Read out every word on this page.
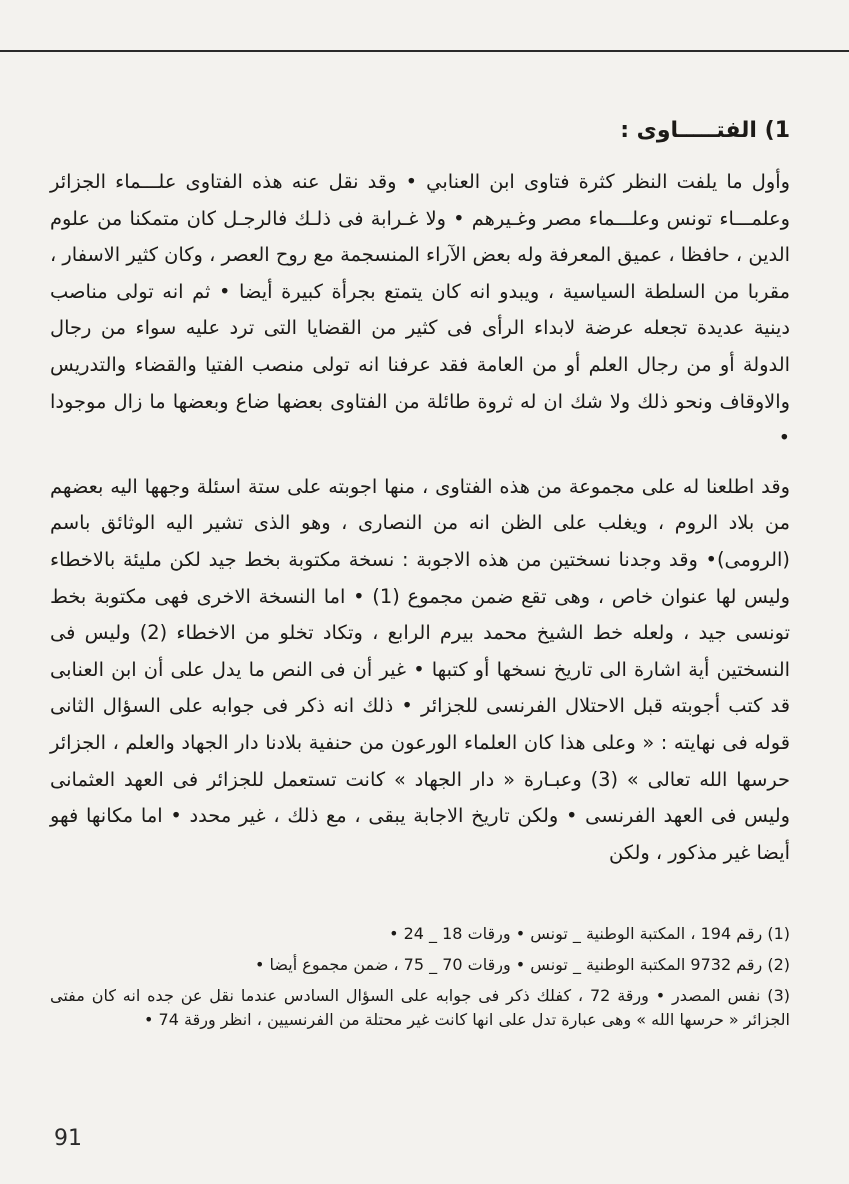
1) الفتـــــاوى :

وأول ما يلفت النظر كثرة فتاوى ابن العنابي • وقد نقل عنه هذه الفتاوى علـــماء الجزائر وعلمـــاء تونس وعلـــماء مصر وغـيرهم • ولا غـرابة فى ذلـك فالرجـل كان متمكنا من علوم الدين ، حافظا ، عميق المعرفة وله بعض الآراء المنسجمة مع روح العصر ، وكان كثير الاسفار ، مقربا من السلطة السياسية ، ويبدو انه كان يتمتع بجرأة كبيرة أيضا • ثم انه تولى مناصب دينية عديدة تجعله عرضة لابداء الرأى فى كثير من القضايا التى ترد عليه سواء من رجال الدولة أو من رجال العلم أو من العامة فقد عرفنا انه تولى منصب الفتيا والقضاء والتدريس والاوقاف ونحو ذلك ولا شك ان له ثروة طائلة من الفتاوى بعضها ضاع وبعضها ما زال موجودا •

وقد اطلعنا له على مجموعة من هذه الفتاوى ، منها اجوبته على ستة اسئلة وجهها اليه بعضهم من بلاد الروم ، ويغلب على الظن انه من النصارى ، وهو الذى تشير اليه الوثائق باسم (الرومى)• وقد وجدنا نسختين من هذه الاجوبة : نسخة مكتوبة بخط جيد لكن مليئة بالاخطاء وليس لها عنوان خاص ، وهى تقع ضمن مجموع (1) • اما النسخة الاخرى فهى مكتوبة بخط تونسى جيد ، ولعله خط الشيخ محمد بيرم الرابع ، وتكاد تخلو من الاخطاء (2) وليس فى النسختين أية اشارة الى تاريخ نسخها أو كتبها • غير أن فى النص ما يدل على أن ابن العنابى قد كتب أجوبته قبل الاحتلال الفرنسى للجزائر • ذلك انه ذكر فى جوابه على السؤال الثانى قوله فى نهايته : « وعلى هذا كان العلماء الورعون من حنفية بلادنا دار الجهاد والعلم ، الجزائر حرسها الله تعالى » (3) وعبـارة « دار الجهاد » كانت تستعمل للجزائر فى العهد العثمانى وليس فى العهد الفرنسى • ولكن تاريخ الاجابة يبقى ، مع ذلك ، غير محدد • اما مكانها فهو أيضا غير مذكور ، ولكن

(1) رقم 194 ، المكتبة الوطنية _ تونس • ورقات 18 _ 24 •

(2) رقم 9732 المكتبة الوطنية _ تونس • ورقات 70 _ 75 ، ضمن مجموع أيضا •

(3) نفس المصدر • ورقة 72 ، كفلك ذكر فى جوابه على السؤال السادس عندما نقل عن جده انه كان مفتى الجزائر « حرسها الله » وهى عبارة تدل على انها كانت غير محتلة من الفرنسيين ، انظر ورقة 74 •

91
